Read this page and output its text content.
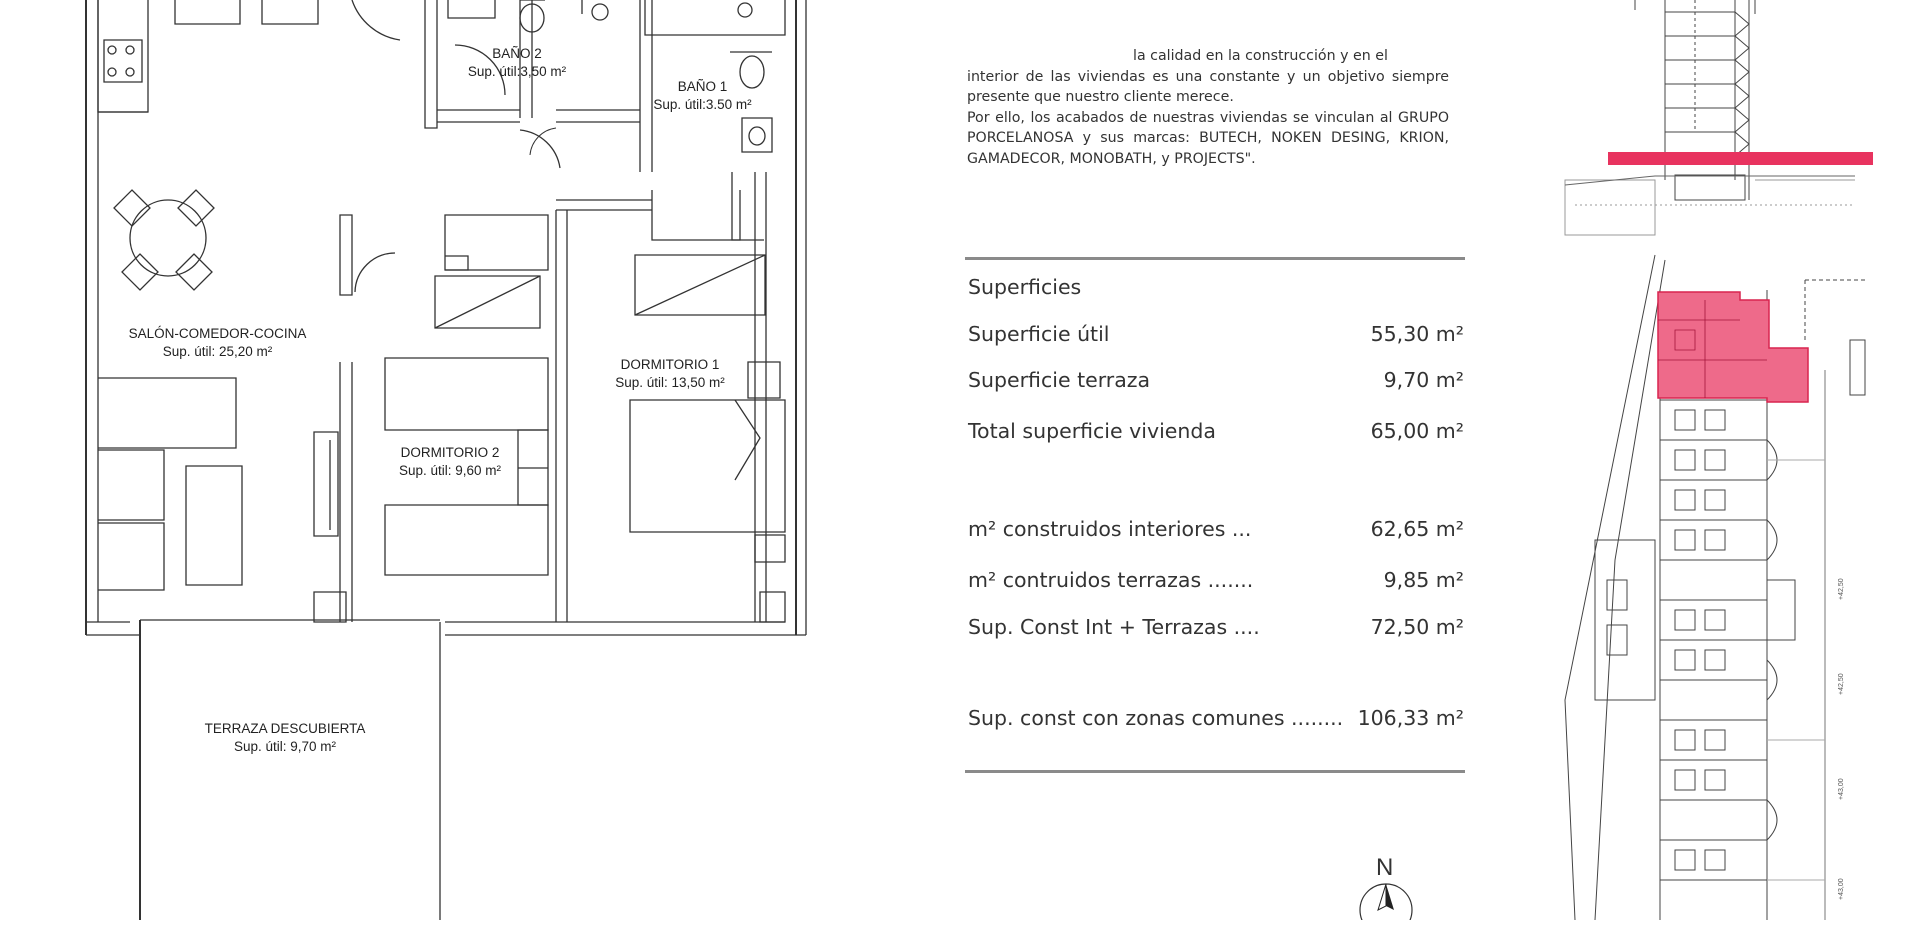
BAÑO 2
Sup. útil:3,50 m²
BAÑO 1
Sup. útil:3.50 m²
SALÓN-COMEDOR-COCINA
Sup. útil: 25,20 m²
DORMITORIO 1
Sup. útil: 13,50 m²
DORMITORIO 2
Sup. útil: 9,60 m²
TERRAZA DESCUBIERTA
Sup. útil: 9,70 m²

la calidad en la construcción y en el

interior de las viviendas es una constante y un objetivo siempre presente que nuestro cliente merece.

Por ello, los acabados de nuestras viviendas se vinculan al GRUPO PORCELANOSA y sus marcas: BUTECH, NOKEN DESING, KRION, GAMADECOR, MONOBATH, y PROJECTS".

Superficies
Superficie útil	55,30 m²
Superficie terraza	9,70 m²
Total superficie vivienda	65,00 m²
m² construidos interiores ...	62,65 m²
m² contruidos terrazas .......	9,85 m²
Sup. Const Int + Terrazas ....	72,50 m²
Sup. const con zonas comunes ........ 106,33 m²
N
+42,50
+42,50
+43,00
+43,00
